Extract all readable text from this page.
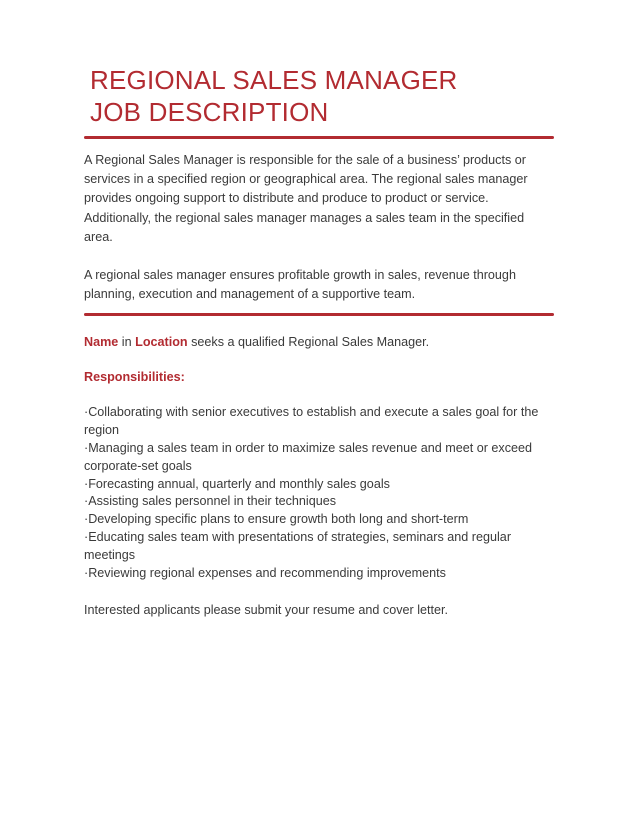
REGIONAL SALES MANAGER
JOB DESCRIPTION

A Regional Sales Manager is responsible for the sale of a business’ products or services in a specified region or geographical area. The regional sales manager provides ongoing support to distribute and produce to product or service. Additionally, the regional sales manager manages a sales team in the specified area.

A regional sales manager ensures profitable growth in sales, revenue through planning, execution and management of a supportive team.

Name in Location seeks a qualified Regional Sales Manager.
Responsibilities:
·Collaborating with senior executives to establish and execute a sales goal for the region
·Managing a sales team in order to maximize sales revenue and meet or exceed corporate-set goals
·Forecasting annual, quarterly and monthly sales goals
·Assisting sales personnel in their techniques
·Developing specific plans to ensure growth both long and short-term
·Educating sales team with presentations of strategies, seminars and regular meetings
·Reviewing regional expenses and recommending improvements
Interested applicants please submit your resume and cover letter.
